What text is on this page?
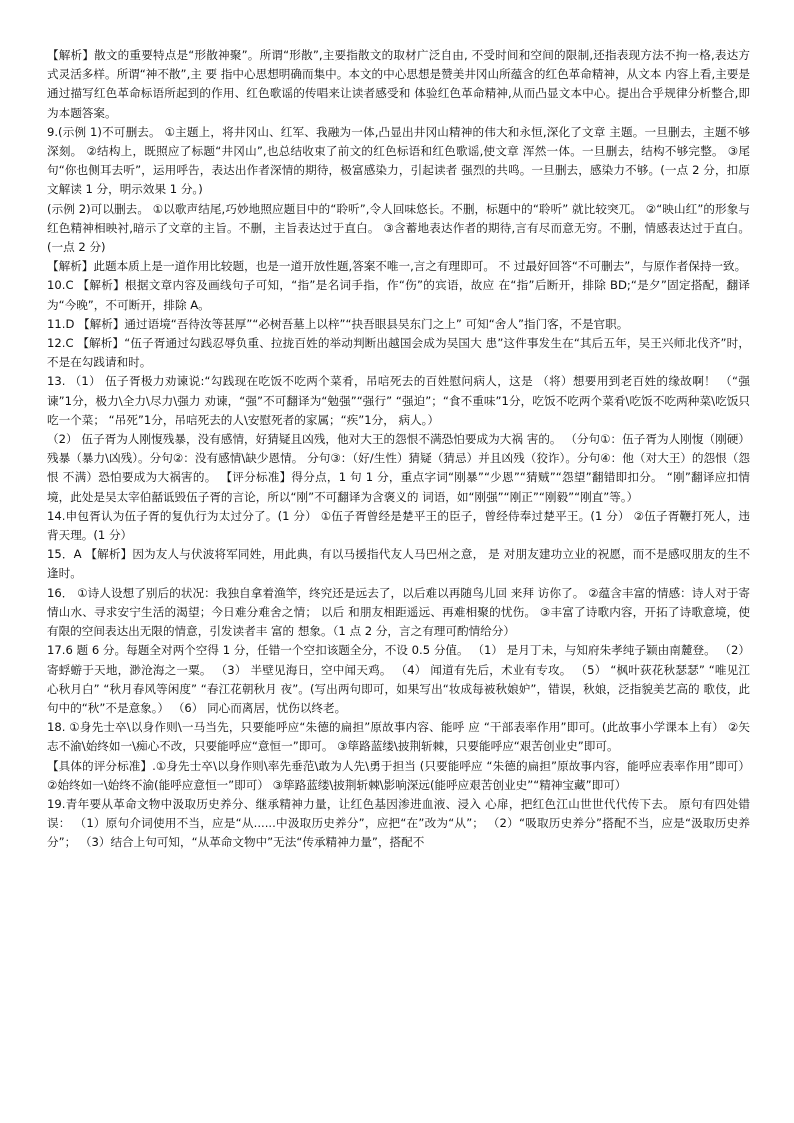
【解析】散文的重要特点是“形散神聚”。所谓“形散”,主要指散文的取材广泛自由, 不受时间和空间的限制,还指表现方法不拘一格,表达方式灵活多样。所谓“神不散”,主 要 指中心思想明确而集中。本文的中心思想是赞美井冈山所蕴含的红色革命精神，从文本 内容上看,主要是通过描写红色革命标语所起到的作用、红色歌谣的传唱来让读者感受和 体验红色革命精神,从而凸显文本中心。提出合乎规律分析整合,即为本题答案。

9.(示例 1)不可删去。 ①主题上，将井冈山、红军、我融为一体,凸显出井冈山精神的伟大和永恒,深化了文章 主题。一旦删去，主题不够深刻。 ②结构上，既照应了标题“井冈山”,也总结收束了前文的红色标语和红色歌谣,使文章 浑然一体。一旦删去，结构不够完整。 ③尾句“你也侧耳去听”，运用呼告，表达出作者深情的期待，极富感染力，引起读者 强烈的共鸣。一旦删去，感染力不够。(一点 2 分，扣原文解读 1 分，明示效果 1 分。)

(示例 2)可以删去。 ①以歌声结尾,巧妙地照应题目中的“聆听”,令人回味悠长。不删，标题中的“聆听” 就比较突兀。 ②“映山红”的形象与红色精神相映衬,暗示了文章的主旨。不删，主旨表达过于直白。 ③含蓄地表达作者的期待,言有尽而意无穷。不删，情感表达过于直白。(一点 2 分)

【解析】此题本质上是一道作用比较题，也是一道开放性题,答案不唯一,言之有理即可。 不 过最好回答“不可删去”，与原作者保持一致。

10.C 【解析】根据文章内容及画线句子可知，“指”是名词手指，作“伤”的宾语，故应 在“指”后断开，排除 BD;“是夕”固定搭配，翻译为“今晚”，不可断开，排除 A。

11.D 【解析】通过语境“吾待汝等甚厚”“必树吾墓上以梓”“抉吾眼县吴东门之上” 可知“舍人”指门客，不是官职。

12.C 【解析】“伍子胥通过勾践忍辱负重、拉拢百姓的举动判断出越国会成为吴国大 患”这件事发生在“其后五年，吴王兴师北伐齐”时，不是在勾践请和时。

13. （1） 伍子胥极力劝谏说:“勾践现在吃饭不吃两个菜肴，吊唁死去的百姓慰问病人，这是 （将）想要用到老百姓的缘故啊！ （“强谏”1分，极力\全力\尽力\强力 劝谏，“强”不可翻译为“勉强”“强行” “强迫”；“食不重味”1分，吃饭不吃两个菜肴\吃饭不吃两种菜\吃饭只吃一个菜； “吊死”1分，吊唁死去的人\安慰死者的家属；“疾”1分， 病人。）

（2） 伍子胥为人刚愎残暴，没有感情，好猜疑且凶残，他对大王的怨恨不满恐怕要成为大祸 害的。 （分句①：伍子胥为人刚愎（刚硬）残暴（暴力\凶残）。分句②：没有感情\缺少恩情。 分句③：（好/生性）猜疑（猜忌）并且凶残（狡诈）。分句④：他（对大王）的怨恨（怨恨 不满）恐怕要成为大祸害的。 【评分标准】得分点，1 句 1 分，重点字词“刚暴”“少恩”“猜贼”“怨望”翻错即扣分。 “刚”翻译应扣情境，此处是吴太宰伯嚭诋毁伍子胥的言论，所以“刚”不可翻译为含褒义的 词语，如“刚强”“刚正”“刚毅”“刚直”等。）

14.申包胥认为伍子胥的复仇行为太过分了。(1 分） ①伍子胥曾经是楚平王的臣子，曾经侍奉过楚平王。(1 分） ②伍子胥鞭打死人，违背天理。(1 分）

15．A 【解析】因为友人与伏波将军同姓，用此典，有以马援指代友人马巴州之意， 是 对朋友建功立业的祝愿，而不是感叹朋友的生不逢时。

16． ①诗人设想了别后的状况：我独自拿着渔竿，终究还是远去了，以后难以再随鸟儿回 来拜 访你了。 ②蕴含丰富的情感：诗人对于寄情山水、寻求安宁生活的渴望；今日难分难舍之情； 以后 和朋友相距遥远、再难相聚的忧伤。 ③丰富了诗歌内容，开拓了诗歌意境，使有限的空间表达出无限的情意，引发读者丰 富的 想象。（1 点 2 分，言之有理可酌情给分）

17.6 题 6 分。每题全对两个空得 1 分，任错一个空扣该题全分，不设 0.5 分值。 （1） 是月丁未，与知府朱孝纯子颖由南麓登。 （2） 寄蜉蝣于天地，渺沧海之一粟。 （3） 半壁见海日，空中闻天鸡。 （4） 闻道有先后，术业有专攻。 （5） “枫叶荻花秋瑟瑟” “唯见江心秋月白” “秋月春风等闲度” “春江花朝秋月 夜”。(写出两句即可，如果写出“妆成每被秋娘妒”，错误，秋娘，泛指貌美艺高的 歌伎，此句中的“秋”不是意象。） （6） 同心而离居，忧伤以终老。

18. ①身先士卒\以身作则\一马当先，只要能呼应“朱德的扁担”原故事内容、能呼 应 “干部表率作用”即可。(此故事小学课本上有） ②矢志不渝\始终如一\痴心不改，只要能呼应“意恒一”即可。 ③筚路蓝缕\披荆斩棘，只要能呼应“艰苦创业史”即可。

【具体的评分标准】.①身先士卒\以身作则\率先垂范\敢为人先\勇于担当 (只要能呼应 “朱德的扁担”原故事内容，能呼应表率作用”即可） ②始终如一\始终不渝(能呼应意恒一”即可） ③筚路蓝缕\披荆斩棘\影响深远(能呼应艰苦创业史”“精神宝藏”即可）

19.青年要从革命文物中汲取历史养分、继承精神力量，让红色基因渗进血液、浸入 心扉，把红色江山世世代代传下去。 原句有四处错误： （1）原句介词使用不当，应是“从......中汲取历史养分”，应把“在”改为“从”； （2）“吸取历史养分”搭配不当，应是“汲取历史养分”； （3）结合上句可知，“从革命文物中”无法“传承精神力量”，搭配不
